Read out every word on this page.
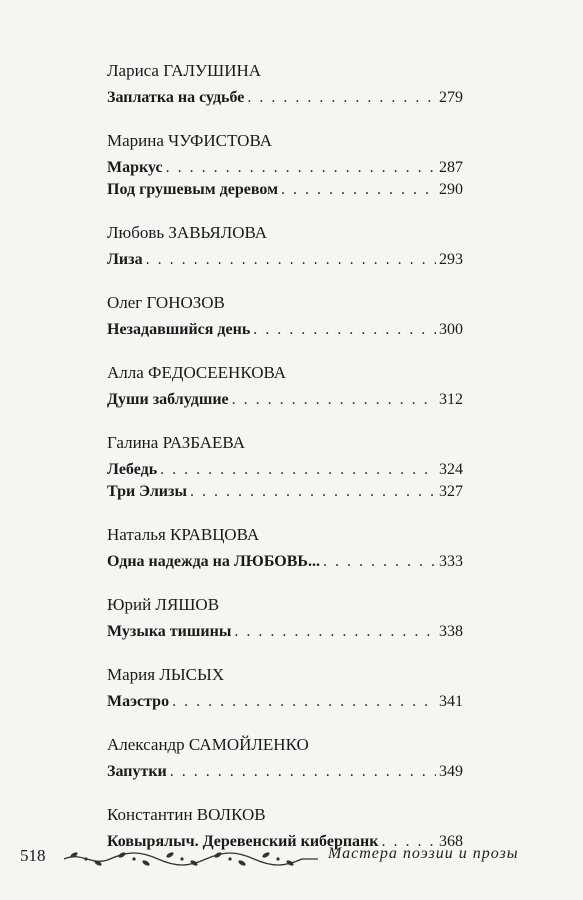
Лариса ГАЛУШИНА
Заплатка на судьбе . . .	279
Марина ЧУФИСТОВА
Маркус . . .	287
Под грушевым деревом . . .	290
Любовь ЗАВЬЯЛОВА
Лиза . . .	293
Олег ГОНОЗОВ
Незадавшийся день . . .	300
Алла ФЕДОСЕЕНКОВА
Души заблудшие . . .	312
Галина РАЗБАЕВА
Лебедь . . .	324
Три Элизы . . .	327
Наталья КРАВЦОВА
Одна надежда на ЛЮБОВЬ... . . .	333
Юрий ЛЯШОВ
Музыка тишины . . .	338
Мария ЛЫСЫХ
Маэстро . . .	341
Александр САМОЙЛЕНКО
Запутки . . .	349
Константин ВОЛКОВ
Ковырялыч. Деревенский киберпанк . . .	368
518	Мастера поэзии и прозы
